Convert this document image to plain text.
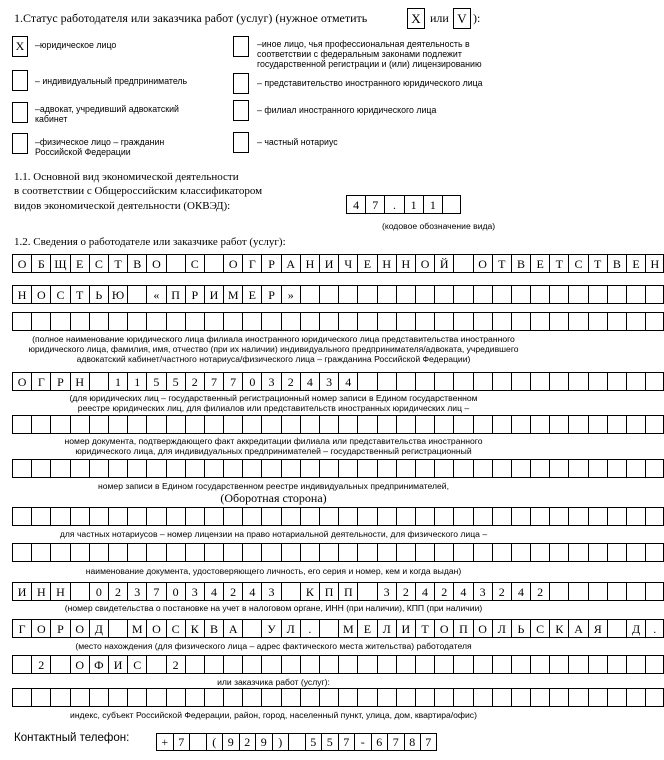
1.Статус работодателя или заказчика работ (услуг) (нужное отметить	X или V ):
X	–юридическое лицо
– индивидуальный предприниматель
–адвокат, учредивший адвокатский кабинет
–физическое лицо – гражданин Российской Федерации
–иное лицо, чья профессиональная деятельность в соответствии с федеральным законами подлежит государственной регистрации и (или) лицензированию
– представительство иностранного юридического лица
– филиал иностранного юридического лица
– частный нотариус
1.1. Основной вид экономической деятельности
в соответствии с Общероссийским классификатором
видов экономической деятельности (ОКВЭД):	4	7	.	1	1
(кодовое обозначение вида)
1.2. Сведения о работодателе или заказчике работ (услуг):
О Б Щ Е С Т В О	С	О Г	Р А Н И Ч Е Н Н О Й	О Т В Е Т С Т В Е Н
Н О С Т	Ь Ю	« П Р И М Е	Р	»
(полное наименование юридического лица филиала иностранного юридического лица представительства иностранного юридического лица, фамилия, имя, отчество (при их наличии) индивидуального предпринимателя/адвоката, учредившего адвокатский кабинет/частного нотариуса/физического лица – гражданина Российской Федерации)
О Г	Р Н	1	1	5	5	2	7	7	0	3	2	4	3	4
(для юридических лиц – государственный регистрационный номер записи в Едином государственном
реестре юридических лиц, для филиалов или представительств иностранных юридических лиц –
номер документа, подтверждающего факт аккредитации филиала или представительства иностранного
юридического лица, для индивидуальных предпринимателей – государственный регистрационный
номер записи в Едином государственном реестре индивидуальных предпринимателей,
(Оборотная сторона)
для частных нотариусов – номер лицензии на право нотариальной деятельности, для физического лица –
наименование документа, удостоверяющего личность, его серия и номер, кем и когда выдан)
И Н Н	0	2	3	7	0	3	4	2	4	3	К П П	3	2	4	2	4	3	2	4	2
(номер свидетельства о постановке на учет в налоговом органе, ИНН (при наличии), КПП (при наличии)
Г О Р О Д	М О С К В А	У Л	.	М Е Л И Т О П О Л Ь С К А Я	Д	.
(место нахождения (для физического лица – адрес фактического места жительства) работодателя
2	О Ф И С	2
или заказчика работ (услуг):
индекс, субъект Российской Федерации, район, город, населенный пункт, улица, дом, квартира/офис)
Контактный телефон:	+ 7	( 9 2 9 )	5 5 7 - 6 7 8 7
